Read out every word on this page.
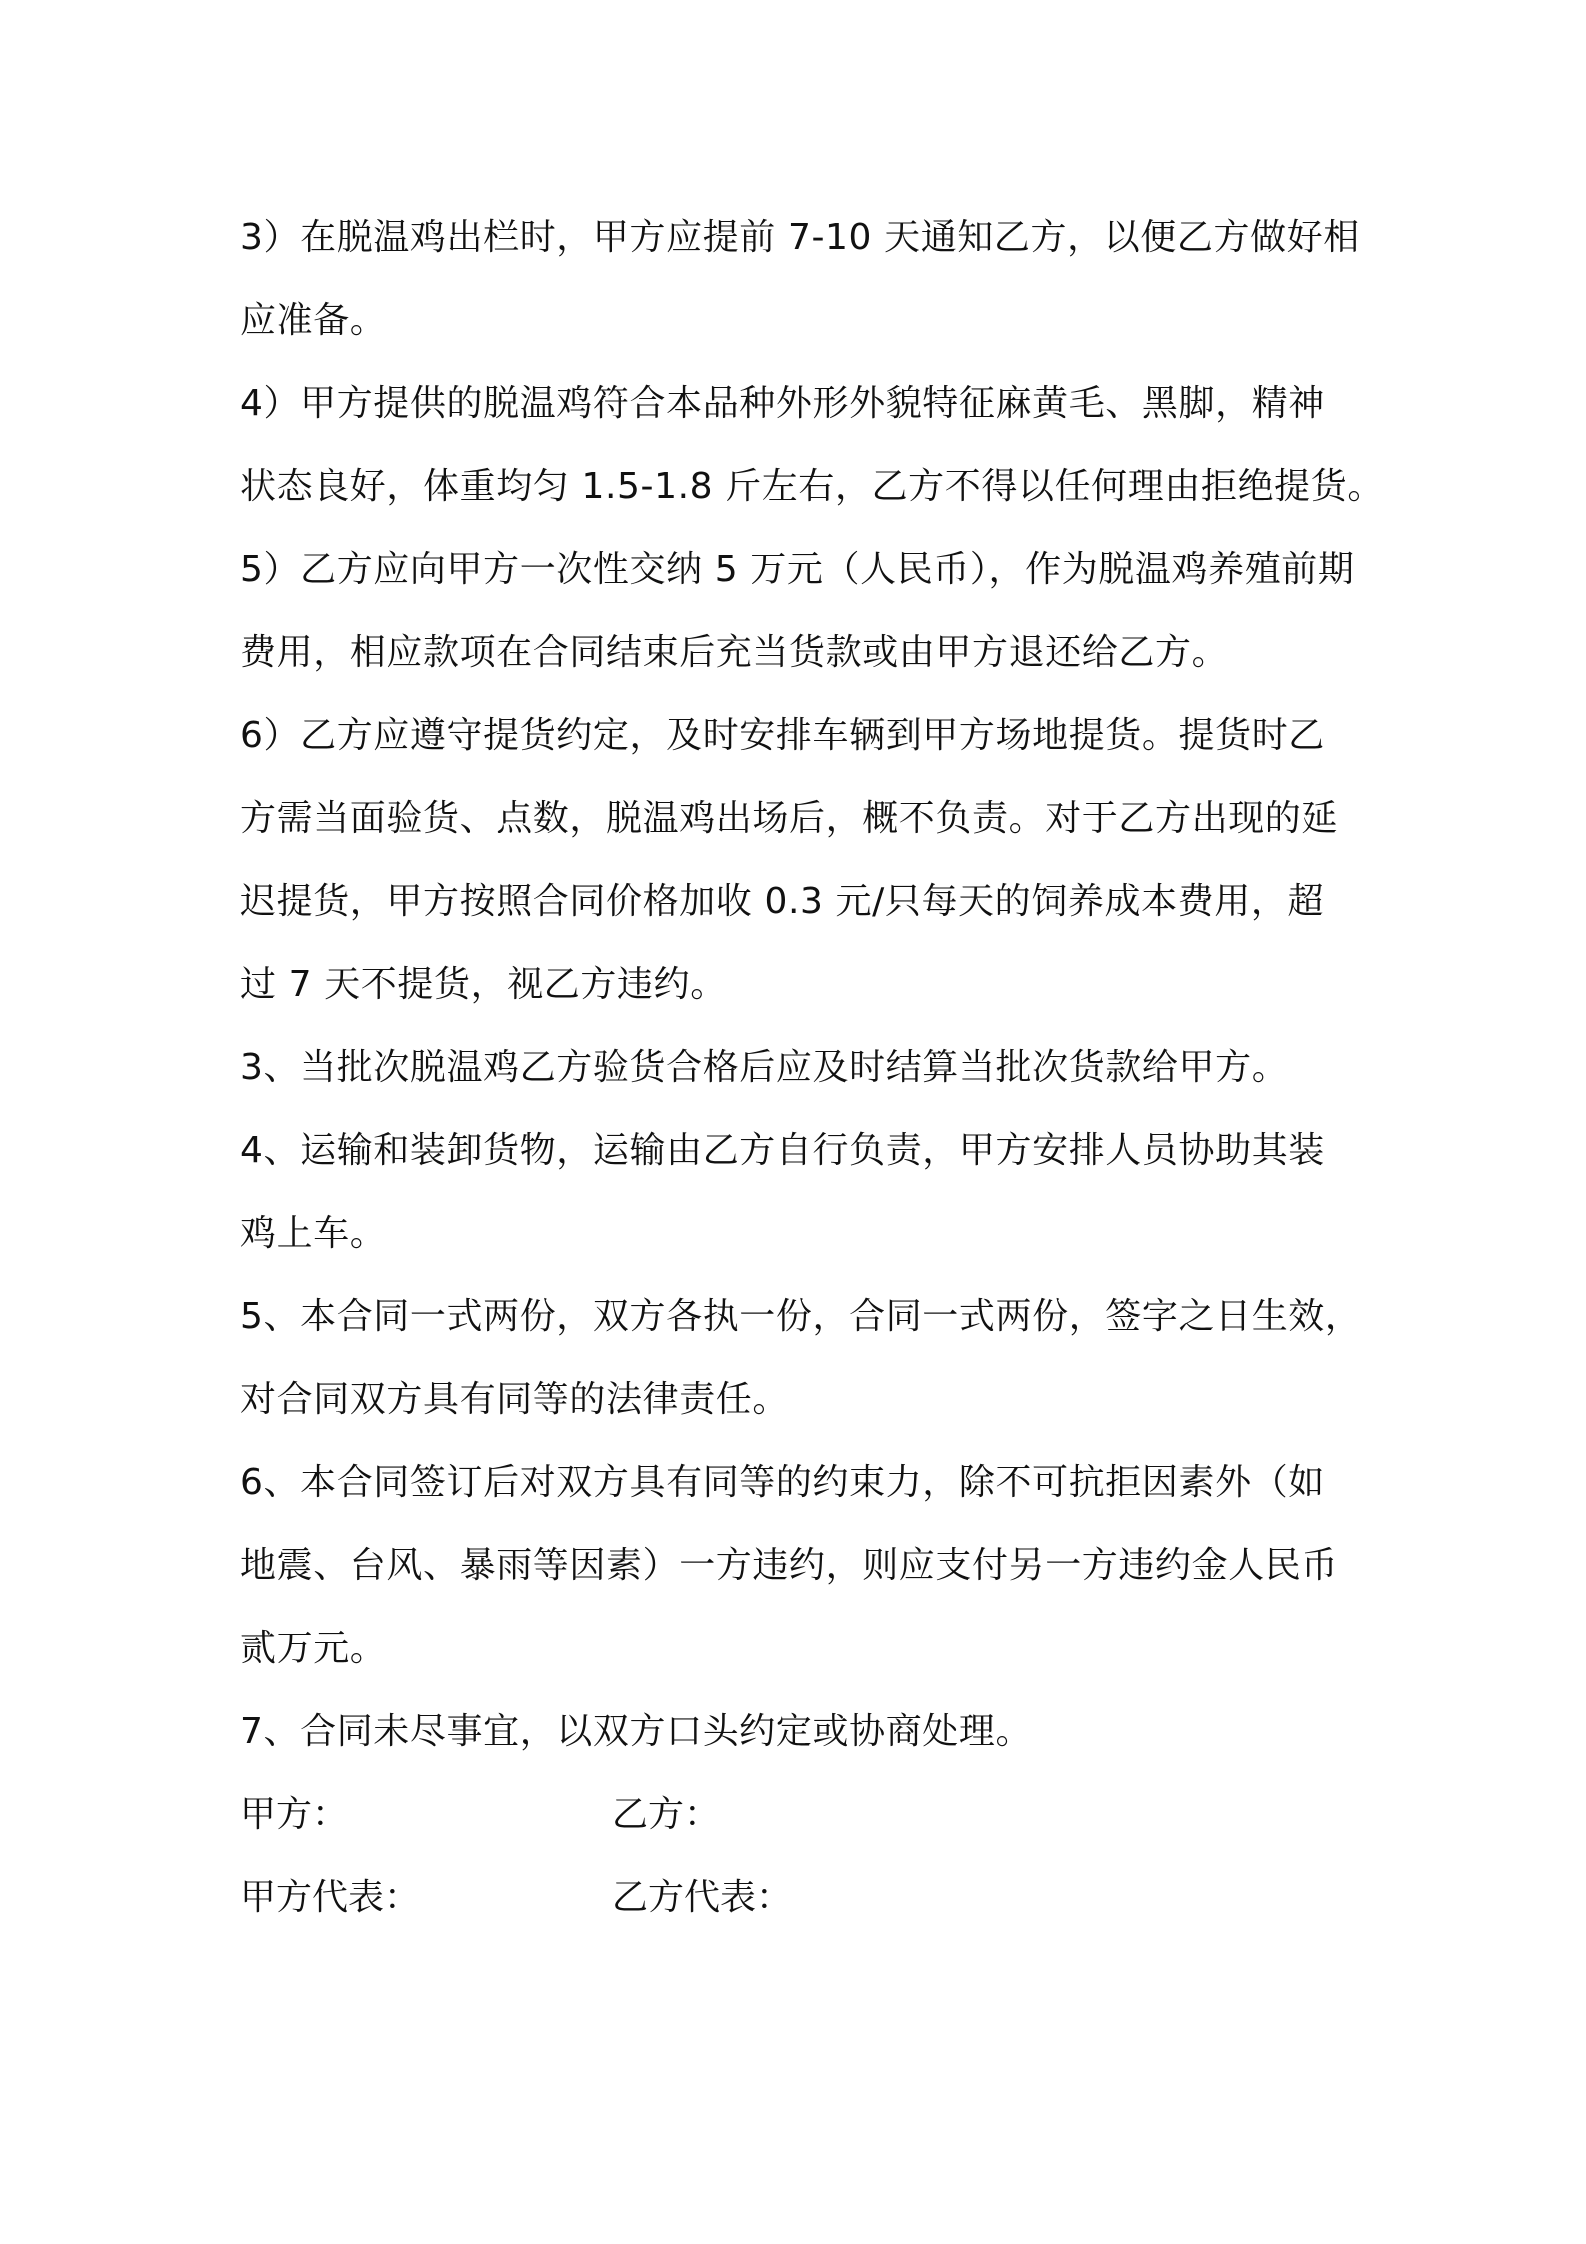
3）在脱温鸡出栏时，甲方应提前 7-10 天通知乙方，以便乙方做好相
应准备。
4）甲方提供的脱温鸡符合本品种外形外貌特征麻黄毛、黑脚，精神
状态良好，体重均匀 1.5-1.8 斤左右，乙方不得以任何理由拒绝提货。
5）乙方应向甲方一次性交纳 5 万元（人民币），作为脱温鸡养殖前期
费用，相应款项在合同结束后充当货款或由甲方退还给乙方。
6）乙方应遵守提货约定，及时安排车辆到甲方场地提货。提货时乙
方需当面验货、点数，脱温鸡出场后，概不负责。对于乙方出现的延
迟提货，甲方按照合同价格加收 0.3 元/只每天的饲养成本费用，超
过 7 天不提货，视乙方违约。
3、当批次脱温鸡乙方验货合格后应及时结算当批次货款给甲方。
4、运输和装卸货物，运输由乙方自行负责，甲方安排人员协助其装
鸡上车。
5、本合同一式两份，双方各执一份，合同一式两份，签字之日生效，
对合同双方具有同等的法律责任。
6、本合同签订后对双方具有同等的约束力，除不可抗拒因素外（如
地震、台风、暴雨等因素）一方违约，则应支付另一方违约金人民币
贰万元。
7、合同未尽事宜，以双方口头约定或协商处理。
甲方：	乙方：
甲方代表：	乙方代表：
